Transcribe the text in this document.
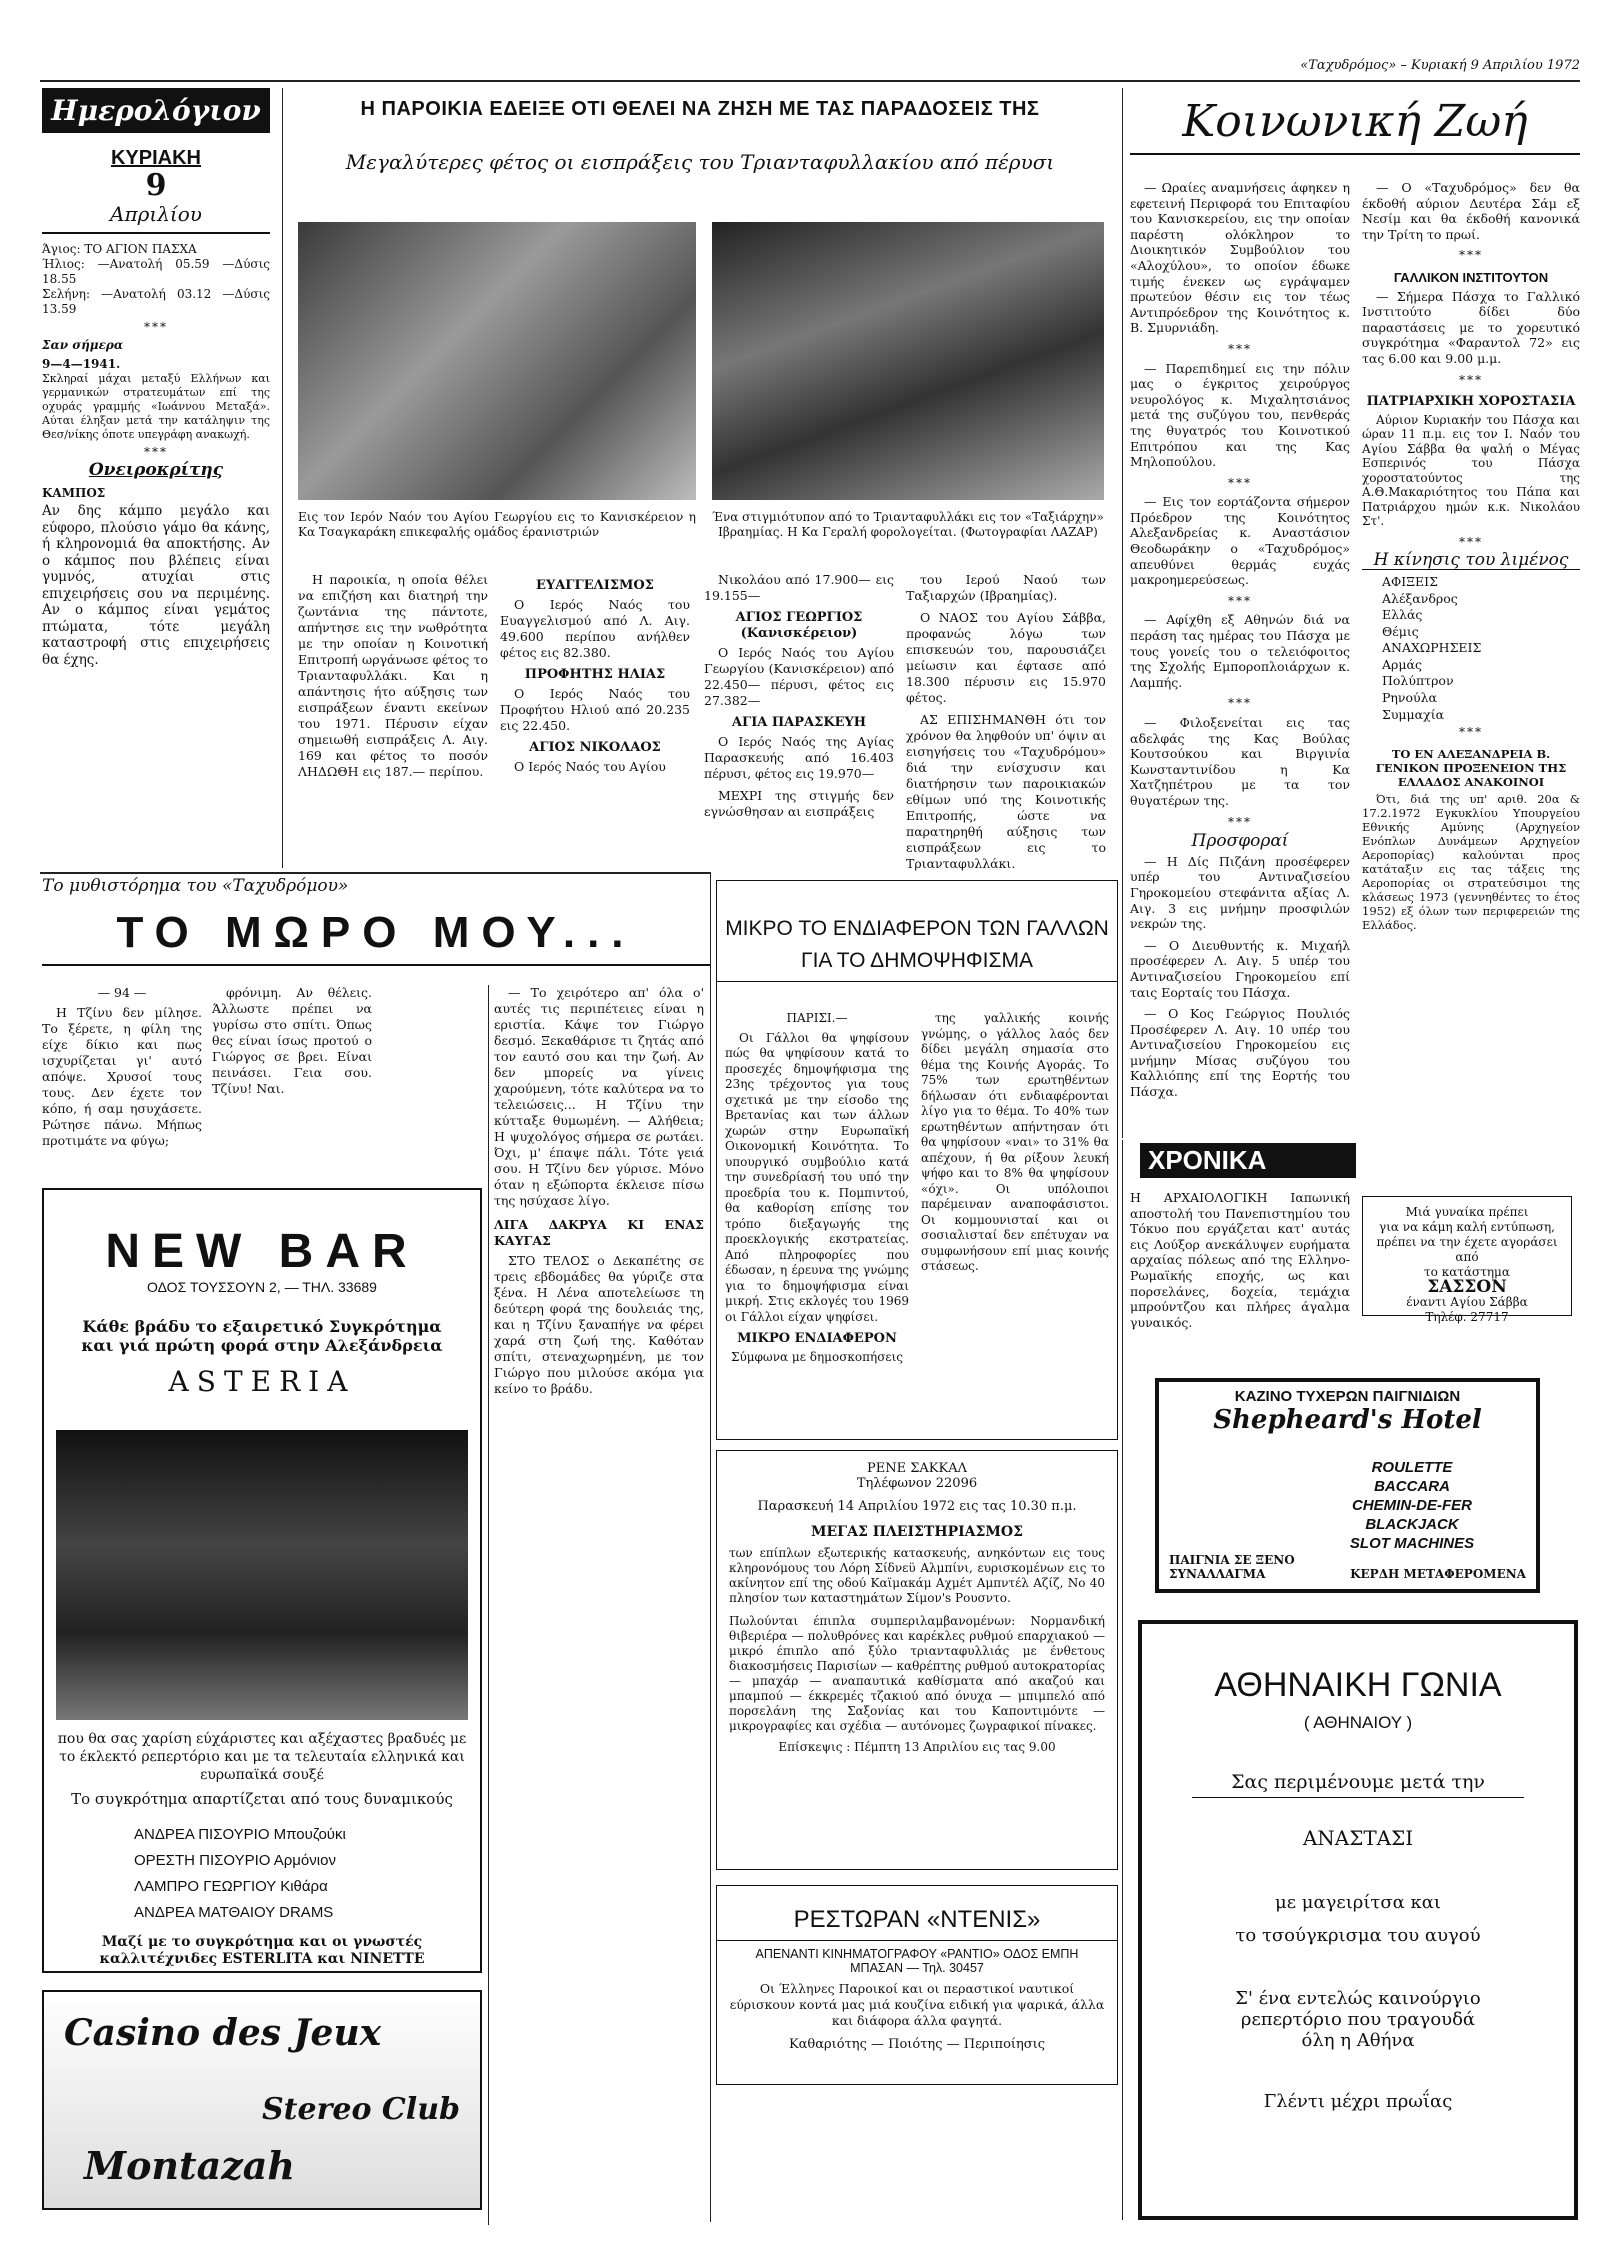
«Ταχυδρόμος» – Κυριακή 9 Απριλίου 1972
Ημερολόγιον
ΚΥΡΙΑΚΗ
9
Απριλίου
Άγιος: ΤΟ ΑΓΙΟΝ ΠΑΣΧΑ
Ήλιος: —Ανατολή 05.59 —Δύσις 18.55
Σελήνη: —Ανατολή 03.12 —Δύσις 13.59
***
Σαν σήμερα
9—4—1941.
Σκληραί μάχαι μεταξύ Ελλήνων και γερμανικών στρατευμάτων επί της οχυράς γραμμής «Ιωάννου Μεταξά». Αύται έληξαν μετά την κατάληψιν της Θεσ/νίκης όποτε υπεγράφη ανακωχή.
***
Ονειροκρίτης
ΚΑΜΠΟΣ
Αν δης κάμπο μεγάλο και εύφορο, πλούσιο γάμο θα κάνης, ή κληρονομιά θα αποκτήσης. Αν ο κάμπος που βλέπεις είναι γυμνός, ατυχίαι στις επιχειρήσεις σου να περιμένης. Αν ο κάμπος είναι γεμάτος πτώματα, τότε μεγάλη καταστροφή στις επιχειρήσεις θα έχης.
Η ΠΑΡΟΙΚΙΑ ΕΔΕΙΞΕ ΟΤΙ ΘΕΛΕΙ ΝΑ ΖΗΣΗ ΜΕ ΤΑΣ ΠΑΡΑΔΟΣΕΙΣ ΤΗΣ
Μεγαλύτερες φέτος οι εισπράξεις του Τριανταφυλλακίου από πέρυσι
Εις τον Ιερόν Ναόν του Αγίου Γεωργίου εις το Κανισκέρειον η Κα Τσαγκαράκη επικεφαλής ομάδος έρανιστριών
Ένα στιγμιότυπον από το Τριανταφυλλάκι εις τον «Ταξιάρχην» Ιβραημίας. Η Κα Γεραλή φορολογείται. (Φωτογραφίαι ΛΑΖΑΡ)

Η παροικία, η οποία θέλει να επιζήση και διατηρή την ζωντάνια της πάντοτε, απήντησε εις την νωθρότητα με την οποίαν η Κοινοτική Επιτροπή ωργάνωσε φέτος το Τριανταφυλλάκι. Και η απάντησις ήτο αύξησις των εισπράξεων έναντι εκείνων του 1971. Πέρυσιν είχαν σημειωθή εισπράξεις Λ. Αιγ. 169 και φέτος το ποσόν ΛΗΔΩΘΗ εις 187.— περίπου.

ΕΥΑΓΓΕΛΙΣΜΟΣ

Ο Ιερός Ναός του Ευαγγελισμού από Λ. Αιγ. 49.600 περίπου ανήλθεν φέτος εις 82.380.

ΠΡΟΦΗΤΗΣ ΗΛΙΑΣ

Ο Ιερός Ναός του Προφήτου Ηλιού από 20.235 εις 22.450.

ΑΓΙΟΣ ΝΙΚΟΛΑΟΣ

Ο Ιερός Ναός του Αγίου

Νικολάου από 17.900— εις 19.155—

ΑΓΙΟΣ ΓΕΩΡΓΙΟΣ (Κανισκέρειον)

Ο Ιερός Ναός του Αγίου Γεωργίου (Κανισκέρειον) από 22.450— πέρυσι, φέτος εις 27.382—

ΑΓΙΑ ΠΑΡΑΣΚΕΥΗ

Ο Ιερός Ναός της Αγίας Παρασκευής από 16.403 πέρυσι, φέτος εις 19.970—

ΜΕΧΡΙ της στιγμής δεν εγνώσθησαν αι εισπράξεις

του Ιερού Ναού των Ταξιαρχών (Ιβραημίας).

Ο ΝΑΟΣ του Αγίου Σάββα, προφανώς λόγω των επισκευών του, παρουσιάζει μείωσιν και έφτασε από 18.300 πέρυσιν εις 15.970 φέτος.

ΑΣ ΕΠΙΣΗΜΑΝΘΗ ότι τον χρόνον θα ληφθούν υπ' όψιν αι εισηγήσεις του «Ταχυδρόμου» διά την ενίσχυσιν και διατήρησιν των παροικιακών εθίμων υπό της Κοινοτικής Επιτροπής, ώστε να παρατηρηθή αύξησις των εισπράξεων εις το Τριανταφυλλάκι.

Κοινωνική Ζωή

— Ωραίες αναμνήσεις άφηκεν η εφετεινή Περιφορά του Επιταφίου του Κανισκερείου, εις την οποίαν παρέστη ολόκληρον το Διοικητικόν Συμβούλιον του «Αλοχύλου», το οποίον έδωκε τιμής ένεκεν ως εγράψαμεν πρωτεύον θέσιν εις τον τέως Αντιπρόεδρον της Κοινότητος κ. Β. Σμυρνιάδη.

***

— Παρεπιδημεί εις την πόλιν μας ο έγκριτος χειρούργος νευρολόγος κ. Μιχαλητσιάνος μετά της συζύγου του, πενθεράς της θυγατρός του Κοινοτικού Επιτρόπου και της Κας Μηλοπούλου.

***

— Εις τον εορτάζοντα σήμερον Πρόεδρον της Κοινότητος Αλεξανδρείας κ. Αναστάσιον Θεοδωράκην ο «Ταχυδρόμος» απευθύνει θερμάς ευχάς μακροημερεύσεως.

***

— Αφίχθη εξ Αθηνών διά να περάση τας ημέρας του Πάσχα με τους γονείς του ο τελειόφοιτος της Σχολής Εμποροπλοιάρχων κ. Λαμπής.

***

— Φιλοξενείται εις τας αδελφάς της Κας Βούλας Κουτσούκου και Βιργινία Κωνσταντινίδου η Κα Χατζηπέτρου με τα τον θυγατέρων της.

***
Προσφοραί

— Η Δίς Πιζάνη προσέφερεν υπέρ του Αντιναζισείου Γηροκομείου στεφάνιτα αξίας Λ. Αιγ. 3 εις μνήμην προσφιλών νεκρών της.

— Ο Διευθυντής κ. Μιχαήλ προσέφερεν Λ. Αιγ. 5 υπέρ του Αντιναζισείου Γηροκομείου επί ταις Εορταίς του Πάσχα.

— Ο Κος Γεώργιος Πουλιός Προσέφερεν Λ. Αιγ. 10 υπέρ του Αντιναζισείου Γηροκομείου εις μνήμην Μίσας συζύγου του Καλλιόπης επί της Εορτής του Πάσχα.

— Ο «Ταχυδρόμος» δεν θα έκδοθή αύριον Δευτέρα Σάμ εξ Νεσίμ και θα έκδοθή κανονικά την Τρίτη το πρωί.

***
ΓΑΛΛΙΚΟΝ ΙΝΣΤΙΤΟΥΤΟΝ

— Σήμερα Πάσχα το Γαλλικό Ινστιτούτο δίδει δύο παραστάσεις με το χορευτικό συγκρότημα «Φαραντολ 72» εις τας 6.00 και 9.00 μ.μ.

***
ΠΑΤΡΙΑΡΧΙΚΗ ΧΟΡΟΣΤΑΣΙΑ

Αύριον Κυριακήν του Πάσχα και ώραν 11 π.μ. εις τον Ι. Ναόν του Αγίου Σάββα θα ψαλή ο Μέγας Εσπερινός του Πάσχα χοροστατούντος της Α.Θ.Μακαριότητος του Πάπα και Πατριάρχου ημών κ.κ. Νικολάου Στ'.

***
Η κίνησις του λιμένος
ΑΦΙΞΕΙΣ
Αλέξανδρος
Ελλάς
Θέμις
ΑΝΑΧΩΡΗΣΕΙΣ
Αρμάς
Πολύπτρον
Ρηνούλα
Συμμαχία
***
ΤΟ ΕΝ ΑΛΕΞΑΝΔΡΕΙΑ Β. ΓΕΝΙΚΟΝ ΠΡΟΞΕΝΕΙΟΝ ΤΗΣ ΕΛΛΑΔΟΣ ΑΝΑΚΟΙΝΟΙ

Ότι, διά της υπ' αριθ. 20α & 17.2.1972 Εγκυκλίου Υπουργείου Εθνικής Αμύνης (Αρχηγείον Ενόπλων Δυνάμεων Αρχηγείον Αεροπορίας) καλούνται προς κατάταξιν εις τας τάξεις της Αεροπορίας οι στρατεύσιμοι της κλάσεως 1973 (γεννηθέντες το έτος 1952) εξ όλων των περιφερειών της Ελλάδος.

Το μυθιστόρημα του «Ταχυδρόμου»
ΤΟ ΜΩΡΟ ΜΟΥ...
— 94 —

Η Τζίνυ δεν μίλησε. Το ξέρετε, η φίλη της είχε δίκιο και πως ισχυρίζεται γι' αυτό απόψε. Χρυσοί τους τους. Δεν έχετε τον κόπο, ή σαμ ησυχάσετε. Ρώτησε πάνω. Μήπως προτιμάτε να φύγω;

φρόνιμη. Αν θέλεις. Άλλωστε πρέπει να γυρίσω στο σπίτι. Όπως θες είναι ίσως προτού ο Γιώργος σε βρει. Είναι πεινάσει. Γεια σου. Τζίνυ! Ναι.

NEW BAR
ΟΔΟΣ ΤΟΥΣΣΟΥΝ 2, — ΤΗΛ. 33689
Κάθε βράδυ το εξαιρετικό Συγκρότημα
και γιά πρώτη φορά στην Αλεξάνδρεια
ASTERIA
που θα σας χαρίση εύχάριστες και αξέχαστες βραδυές με το έκλεκτό ρεπερτόριο και με τα τελευταία ελληνικά και ευρωπαϊκά σουξέ
Το συγκρότημα απαρτίζεται από τους δυναμικούς
ΑΝΔΡΕΑ ΠΙΣΟΥΡΙΟ Μπουζούκι
ΟΡΕΣΤΗ ΠΙΣΟΥΡΙΟ Αρμόνιον
ΛΑΜΠΡΟ ΓΕΩΡΓΙΟΥ Κιθάρα
ΑΝΔΡΕΑ ΜΑΤΘΑΙΟΥ DRAMS
Μαζί με το συγκρότημα και οι γνωστές καλλιτέχνιδες ESTERLITA και ΝΙΝΕΤΤΕ
Casino des Jeux
Stereo Club
Montazah

— Το χειρότερο απ' όλα ο' αυτές τις περιπέτειες είναι η εριστία. Κάψε τον Γιώργο δεσμό. Ξεκαθάρισε τι ζητάς από τον εαυτό σου και την ζωή. Αν δεν μπορείς να γίνεις χαρούμενη, τότε καλύτερα να το τελειώσεις... Η Τζίνυ την κύτταξε θυμωμένη. — Αλήθεια; Η ψυχολόγος σήμερα σε ρωτάει. Όχι, μ' έπαψε πάλι. Τότε γειά σου. Η Τζίνυ δεν γύρισε. Μόνο όταν η εξώπορτα έκλεισε πίσω της ησύχασε λίγο.

ΛΙΓΑ ΔΑΚΡΥΑ ΚΙ ΕΝΑΣ ΚΑΥΓΑΣ

ΣΤΟ ΤΕΛΟΣ ο Δεκαπέτης σε τρεις εβδομάδες θα γύριζε στα ξένα. Η Λένα αποτελείωσε τη δεύτερη φορά της δουλειάς της, και η Τζίνυ ξαναπήγε να φέρει χαρά στη ζωή της. Καθόταν σπίτι, στεναχωρημένη, με τον Γιώργο που μιλούσε ακόμα για κείνο το βράδυ.

ΜΙΚΡΟ ΤΟ ΕΝΔΙΑΦΕΡΟΝ ΤΩΝ ΓΑΛΛΩΝ
ΓΙΑ ΤΟ ΔΗΜΟΨΗΦΙΣΜΑ
ΠΑΡΙΣΙ.—

Οι Γάλλοι θα ψηφίσουν πώς θα ψηφίσουν κατά το προσεχές δημοψήφισμα της 23ης τρέχοντος για τους σχετικά με την είσοδο της Βρετανίας και των άλλων χωρών στην Ευρωπαϊκή Οικονομική Κοινότητα. Το υπουργικό συμβούλιο κατά την συνεδρίασή του υπό την προεδρία του κ. Πομπιντού, θα καθορίση επίσης τον τρόπο διεξαγωγής της προεκλογικής εκστρατείας. Από πληροφορίες που έδωσαν, η έρευνα της γνώμης για το δημοψήφισμα είναι μικρή. Στις εκλογές του 1969 οι Γάλλοι είχαν ψηφίσει.

ΜΙΚΡΟ ΕΝΔΙΑΦΕΡΟΝ
Σύμφωνα με δημοσκοπήσεις

της γαλλικής κοινής γνώμης, ο γάλλος λαός δεν δίδει μεγάλη σημασία στο θέμα της Κοινής Αγοράς. Το 75% των ερωτηθέντων δήλωσαν ότι ενδιαφέρονται λίγο για το θέμα. Το 40% των ερωτηθέντων απήντησαν ότι θα ψηφίσουν «ναι» το 31% θα απέχουν, ή θα ρίξουν λευκή ψήφο και το 8% θα ψηφίσουν «όχι». Οι υπόλοιποι παρέμειναν αναποφάσιστοι. Οι κομμουνισταί και οι σοσιαλισταί δεν επέτυχαν να συμφωνήσουν επί μιας κοινής στάσεως.

ΡΕΝΕ ΣΑΚΚΑΛ
Τηλέφωνον 22096
Παρασκευή 14 Απριλίου 1972 εις τας 10.30 π.μ.
ΜΕΓΑΣ ΠΛΕΙΣΤΗΡΙΑΣΜΟΣ
των επίπλων εξωτερικής κατασκευής, ανηκόντων εις τους κληρονόμους του Λόρη Σίδνεϋ Αλμπίνι, ευρισκομένων εις το ακίνητον επί της οδού Καϊμακάμ Αχμέτ Αμπντέλ Αζίζ, No 40 πλησίον των καταστημάτων Σίμον's Ρουσντο.
Πωλούνται έπιπλα συμπεριλαμβανομένων: Νορμανδική θιβεριέρα — πολυθρόνες και καρέκλες ρυθμού επαρχιακού — μικρό έπιπλο από ξύλο τριανταφυλλιάς με ένθετους διακοσμήσεις Παρισίων — καθρέπτης ρυθμού αυτοκρατορίας — μπαχάρ — αναπαυτικά καθίσματα από ακαζού και μπαμπού — έκκρεμές τζακιού από όνυχα — μπιμπελό από πορσελάνη της Σαξονίας και του Καποντιμόντε — μικρογραφίες και σχέδια — αυτόνομες ζωγραφικοί πίνακες.
Επίσκεψις : Πέμπτη 13 Απριλίου εις τας 9.00
ΡΕΣΤΩΡΑΝ «ΝΤΕΝΙΣ»
ΑΠΕΝΑΝΤΙ ΚΙΝΗΜΑΤΟΓΡΑΦΟΥ «ΡΑΝΤΙΟ» ΟΔΟΣ ΕΜΠΗ ΜΠΑΣΑΝ — Τηλ. 30457
Οι Έλληνες Παροικοί και οι περαστικοί ναυτικοί εύρισκουν κοντά μας μιά κουζίνα ειδική για ψαρικά, άλλα και διάφορα άλλα φαγητά.
Καθαριότης — Ποιότης — Περιποίησις
ΧΡΟΝΙΚΑ
Η ΑΡΧΑΙΟΛΟΓΙΚΗ Ιαπωνική αποστολή του Πανεπιστημίου του Τόκυο που εργάζεται κατ' αυτάς εις Λούξορ ανεκάλυψεν ευρήματα αρχαίας πόλεως από της Ελληνο-Ρωμαϊκής εποχής, ως και πορσελάνες, δοχεία, τεμάχια μπρούντζου και πλήρες άγαλμα γυναικός.
Μιά γυναίκα πρέπει
για να κάμη καλή εντύπωση,
πρέπει να την έχετε αγοράσει από
το κατάστημα
ΣΑΣΣΟΝ
έναντι Αγίου Σάββα
Τηλέφ. 27717
ΚΑΖΙΝΟ ΤΥΧΕΡΩΝ ΠΑΙΓΝΙΔΙΩΝ
Shepheard's Hotel
ROULETTE
BACCARA
CHEMIN-DE-FER
BLACKJACK
SLOT MACHINES
ΠΑΙΓΝΙΑ ΣΕ ΞΕΝΟ ΣΥΝΑΛΛΑΓΜΑ	ΚΕΡΔΗ ΜΕΤΑΦΕΡΟΜΕΝΑ
ΑΘΗΝΑΙΚΗ ΓΩΝΙΑ
( ΑΘΗΝΑΙΟΥ )
Σας περιμένουμε μετά την
ΑΝΑΣΤΑΣΙ
με μαγειρίτσα και
το τσούγκρισμα του αυγού
Σ' ένα εντελώς καινούργιο
ρεπερτόριο που τραγουδά
όλη η Αθήνα
Γλέντι μέχρι πρωΐας
